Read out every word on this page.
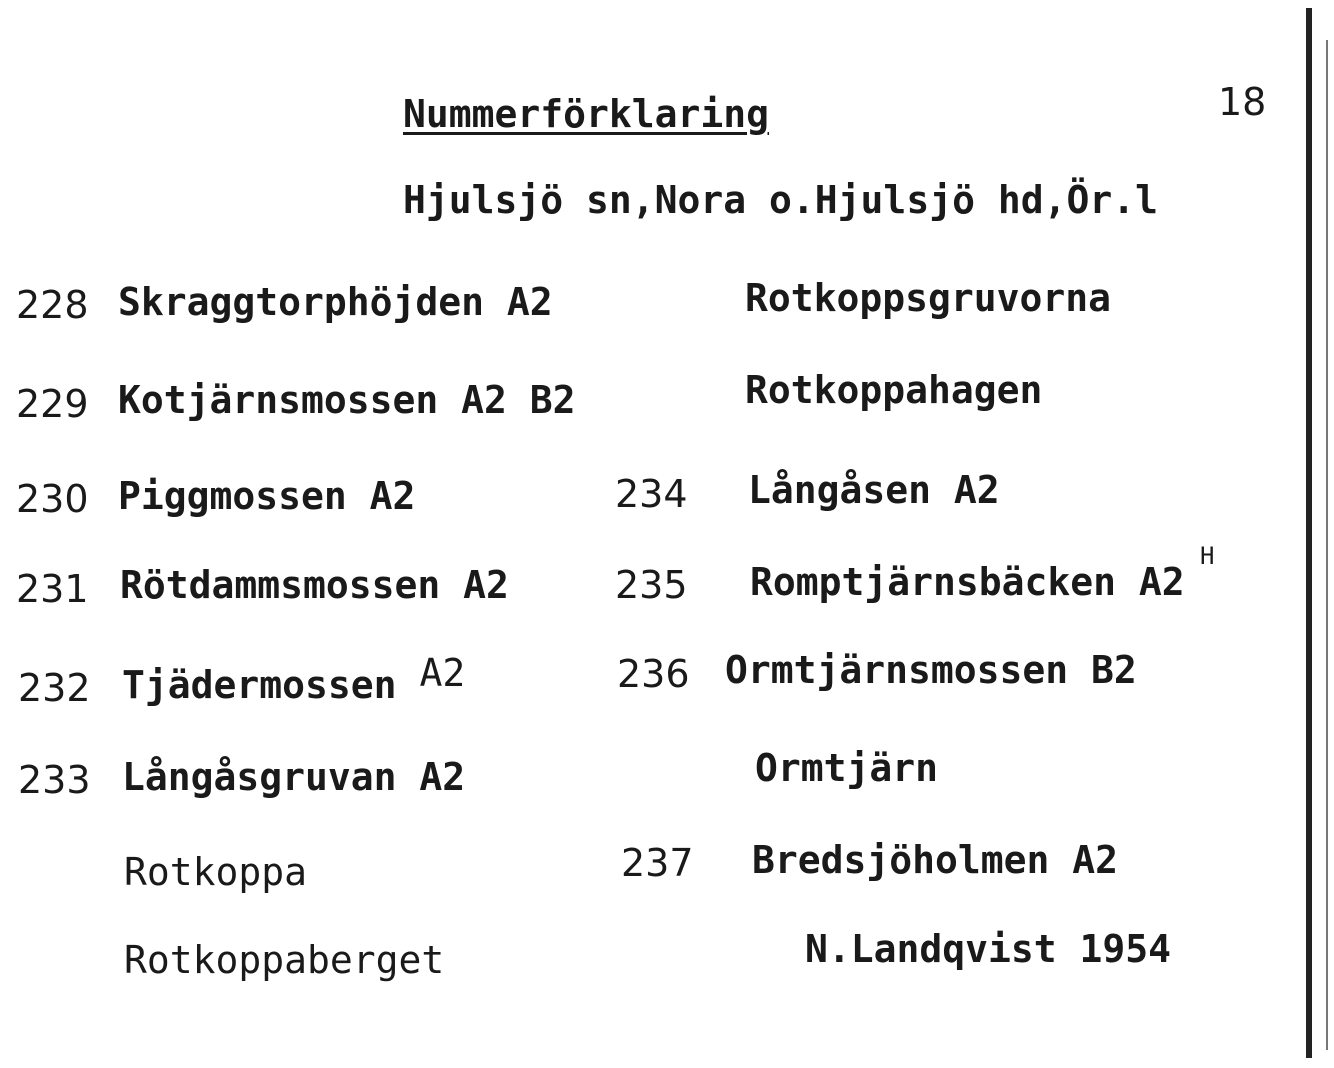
Nummerförklaring	18
Hjulsjö sn,Nora o.Hjulsjö hd,Ör.l
228 Skraggtorphöjden A2
229 Kotjärnsmossen A2 B2
230 Piggmossen A2
231 Rötdammsmossen A2
232 Tjädermossen A2
233 Långåsgruvan A2
Rotkoppa
Rotkoppaberget
Rotkoppsgruvorna
Rotkoppahagen
234 Långåsen A2
235 Romptjärnsbäcken A2
H
236 Ormtjärnsmossen B2
Ormtjärn
237 Bredsjöholmen A2
N.Landqvist 1954
